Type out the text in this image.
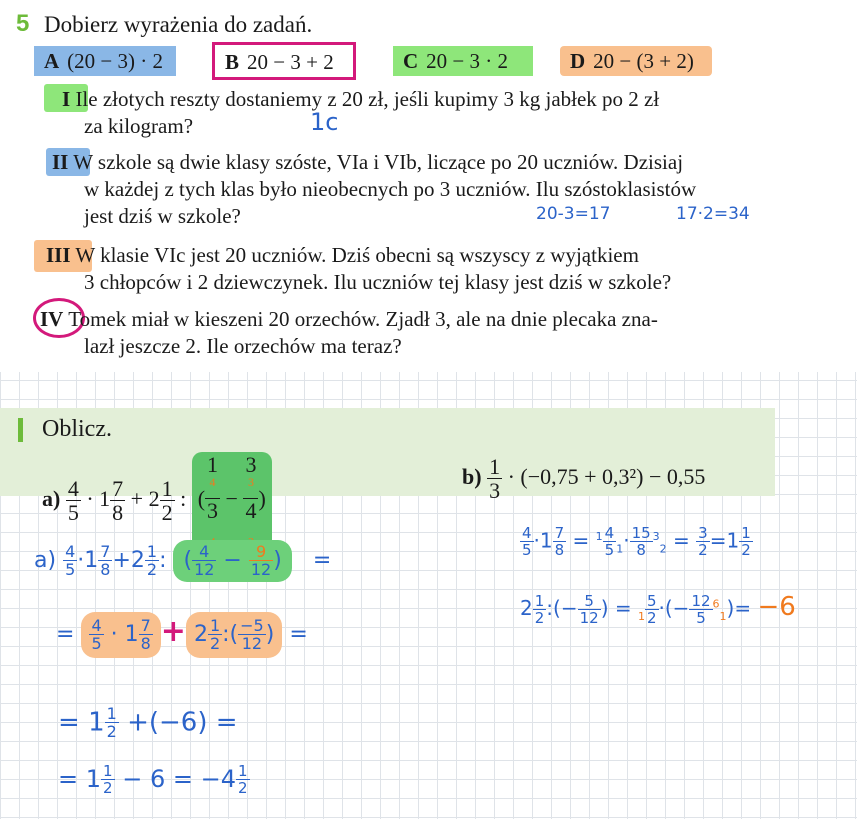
5 Dobierz wyrażenia do zadań.
A (20 − 3) · 2	B 20 − 3 + 2	C 20 − 3 · 2	D 20 − (3 + 2)
I Ile złotych reszty dostaniemy z 20 zł, jeśli kupimy 3 kg jabłek po 2 zł
za kilogram?
II W szkole są dwie klasy szóste, VIa i VIb, liczące po 20 uczniów. Dzisiaj
w każdej z tych klas było nieobecnych po 3 uczniów. Ilu szóstoklasistów
jest dziś w szkole?
III W klasie VIc jest 20 uczniów. Dziś obecni są wszyscy z wyjątkiem
3 chłopców i 2 dziewczynek. Ilu uczniów tej klasy jest dziś w szkole?
IV Tomek miał w kieszeni 20 orzechów. Zjadł 3, ale na dnie plecaka zna-
lazł jeszcze 2. Ile orzechów ma teraz?
1c
20-3=17	17·2=34
Oblicz.
$a) \frac{4}{5} \cdot 1 \frac{7}{8} + 2 \frac{1}{2}$ : ( 1
$^4$
3 − 3
$^3$
4 )
$b) \frac{1}{3} \cdot (-0,75 + 0,3^2) - 0,55$
$a) \frac{4}{5} \cdot 1 \frac{7}{8} +2 \frac{1}{2}$ : ( $\frac{4}{12} - \frac{9}{12}$ ) =
= $\frac{4}{5} \cdot 1 \frac{7}{8} + 2 \frac{1}{2}$ :( $\frac{-5}{12}$ ) =
= $1 \frac{1}{2} +(-6)$ =
= $1 \frac{1}{2} - 6 = -4 \frac{1}{2}$
$\frac{4}{5} \cdot 1 \frac{7}{8} = ^1 \frac{4}{5} _1\cdot \frac{15}{8} ^3_2 = \frac{3}{2} =1 \frac{1}{2}$
$2 \frac{1}{2}$ :(− $\frac{5}{12}$ ) = $_1 \frac{5}{2}$ ·(− $\frac{12}{5} ^6_1)= -6$
